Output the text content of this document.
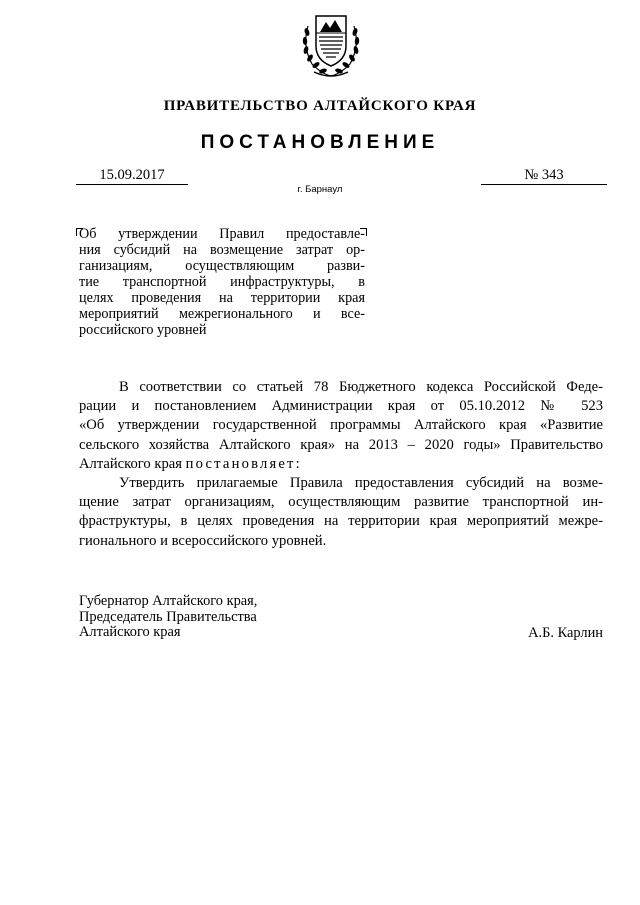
ПРАВИТЕЛЬСТВО АЛТАЙСКОГО КРАЯ
ПОСТАНОВЛЕНИЕ
15.09.2017	№ 343
г. Барнаул
Об утверждении Правил предоставле-
ния субсидий на возмещение затрат ор-
ганизациям, осуществляющим разви-
тие транспортной инфраструктуры, в
целях проведения на территории края
мероприятий межрегионального и все-
российского уровней
В соответствии со статьей 78 Бюджетного кодекса Российской Феде-
рации и постановлением Администрации края от 05.10.2012 № 523
«Об утверждении государственной программы Алтайского края «Развитие
сельского хозяйства Алтайского края» на 2013 – 2020 годы» Правительство
Алтайского края постановляет:
Утвердить прилагаемые Правила предоставления субсидий на возме-
щение затрат организациям, осуществляющим развитие транспортной ин-
фраструктуры, в целях проведения на территории края мероприятий межре-
гионального и всероссийского уровней.
Губернатор Алтайского края,
Председатель Правительства
Алтайского края	А.Б. Карлин
